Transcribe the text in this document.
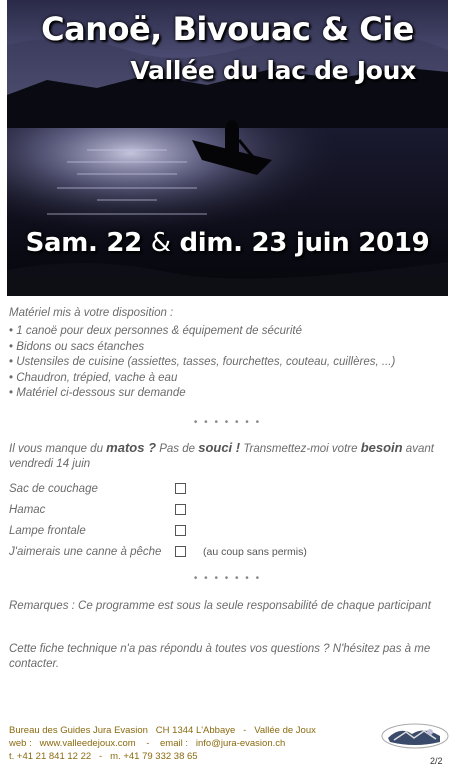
Canoë, Bivouac & Cie
Vallée du lac de Joux
Sam. 22 & dim. 23 juin 2019
Matériel mis à votre disposition :
• 1 canoë pour deux personnes & équipement de sécurité
• Bidons ou sacs étanches
• Ustensiles de cuisine (assiettes, tasses, fourchettes, couteau, cuillères, ...)
• Chaudron, trépied, vache à eau
• Matériel ci-dessous sur demande
• • • • • • •
Il vous manque du matos ? Pas de souci ! Transmettez-moi votre besoin avant vendredi 14 juin
Sac de couchage
Hamac
Lampe frontale
J'aimerais une canne à pêche	(au coup sans permis)
• • • • • • •
Remarques : Ce programme est sous la seule responsabilité de chaque participant
Cette fiche technique n'a pas répondu à toutes vos questions ? N'hésitez pas à me contacter.
Bureau des Guides Jura Evasion   CH 1344 L'Abbaye   -   Vallée de Joux
web :   www.valleedejoux.com    -    email :   info@jura-evasion.ch
t. +41 21 841 12 22   -   m. +41 79 332 38 65	2/2
